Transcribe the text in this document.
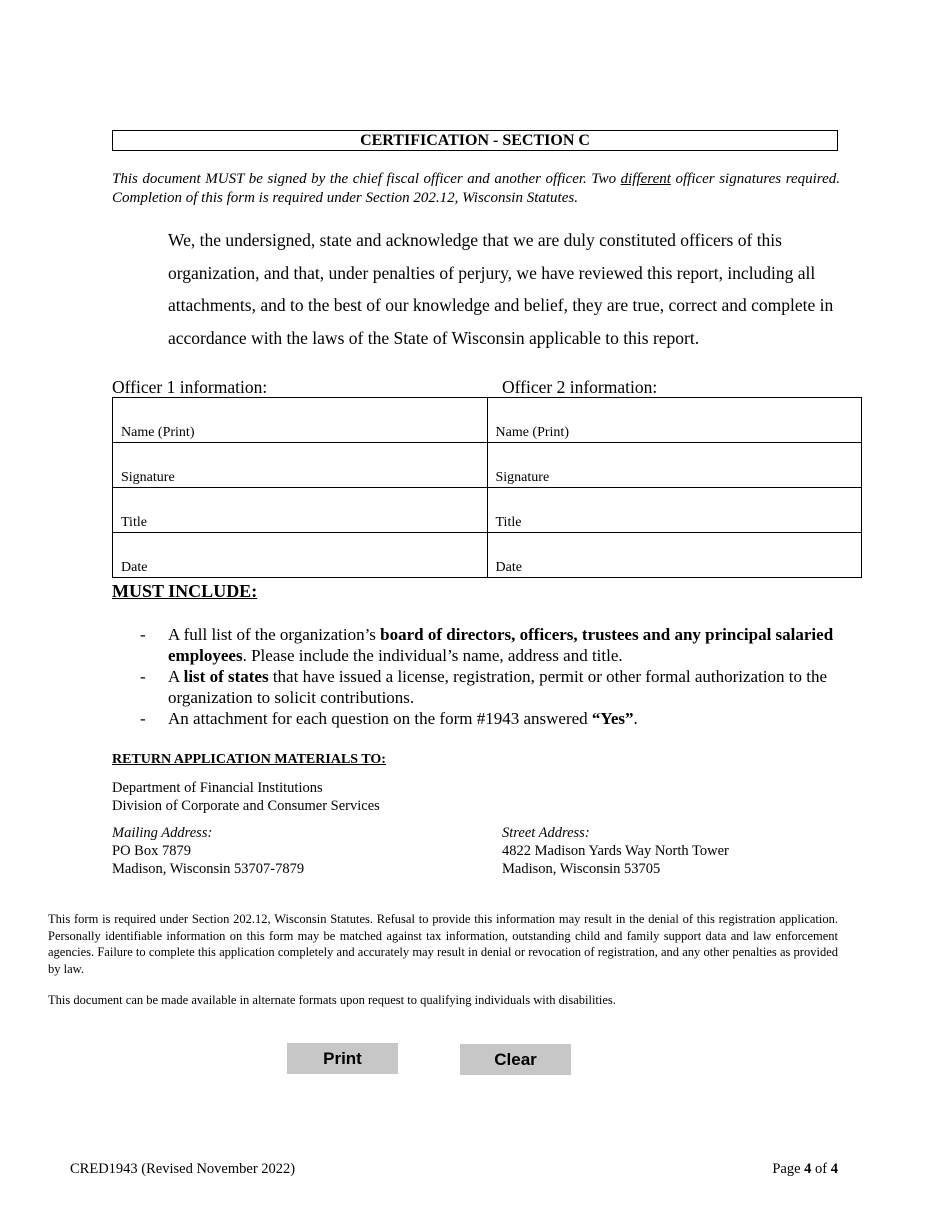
CERTIFICATION - SECTION C
This document MUST be signed by the chief fiscal officer and another officer. Two different officer signatures required. Completion of this form is required under Section 202.12, Wisconsin Statutes.
We, the undersigned, state and acknowledge that we are duly constituted officers of this organization, and that, under penalties of perjury, we have reviewed this report, including all attachments, and to the best of our knowledge and belief, they are true, correct and complete in accordance with the laws of the State of Wisconsin applicable to this report.
Officer 1 information:	Officer 2 information:
Name (Print)	Name (Print)
Signature	Signature
Title	Title
Date	Date
MUST INCLUDE:
- A full list of the organization’s board of directors, officers, trustees and any principal salaried employees. Please include the individual’s name, address and title.
- A list of states that have issued a license, registration, permit or other formal authorization to the organization to solicit contributions.
- An attachment for each question on the form #1943 answered “Yes”.
RETURN APPLICATION MATERIALS TO:
Department of Financial Institutions
Division of Corporate and Consumer Services
Mailing Address:
PO Box 7879
Madison, Wisconsin 53707-7879
Street Address:
4822 Madison Yards Way North Tower
Madison, Wisconsin 53705
This form is required under Section 202.12, Wisconsin Statutes. Refusal to provide this information may result in the denial of this registration application. Personally identifiable information on this form may be matched against tax information, outstanding child and family support data and law enforcement agencies. Failure to complete this application completely and accurately may result in denial or revocation of registration, and any other penalties as provided by law.
This document can be made available in alternate formats upon request to qualifying individuals with disabilities.
Print	Clear
CRED1943 (Revised November 2022)	Page 4 of 4
